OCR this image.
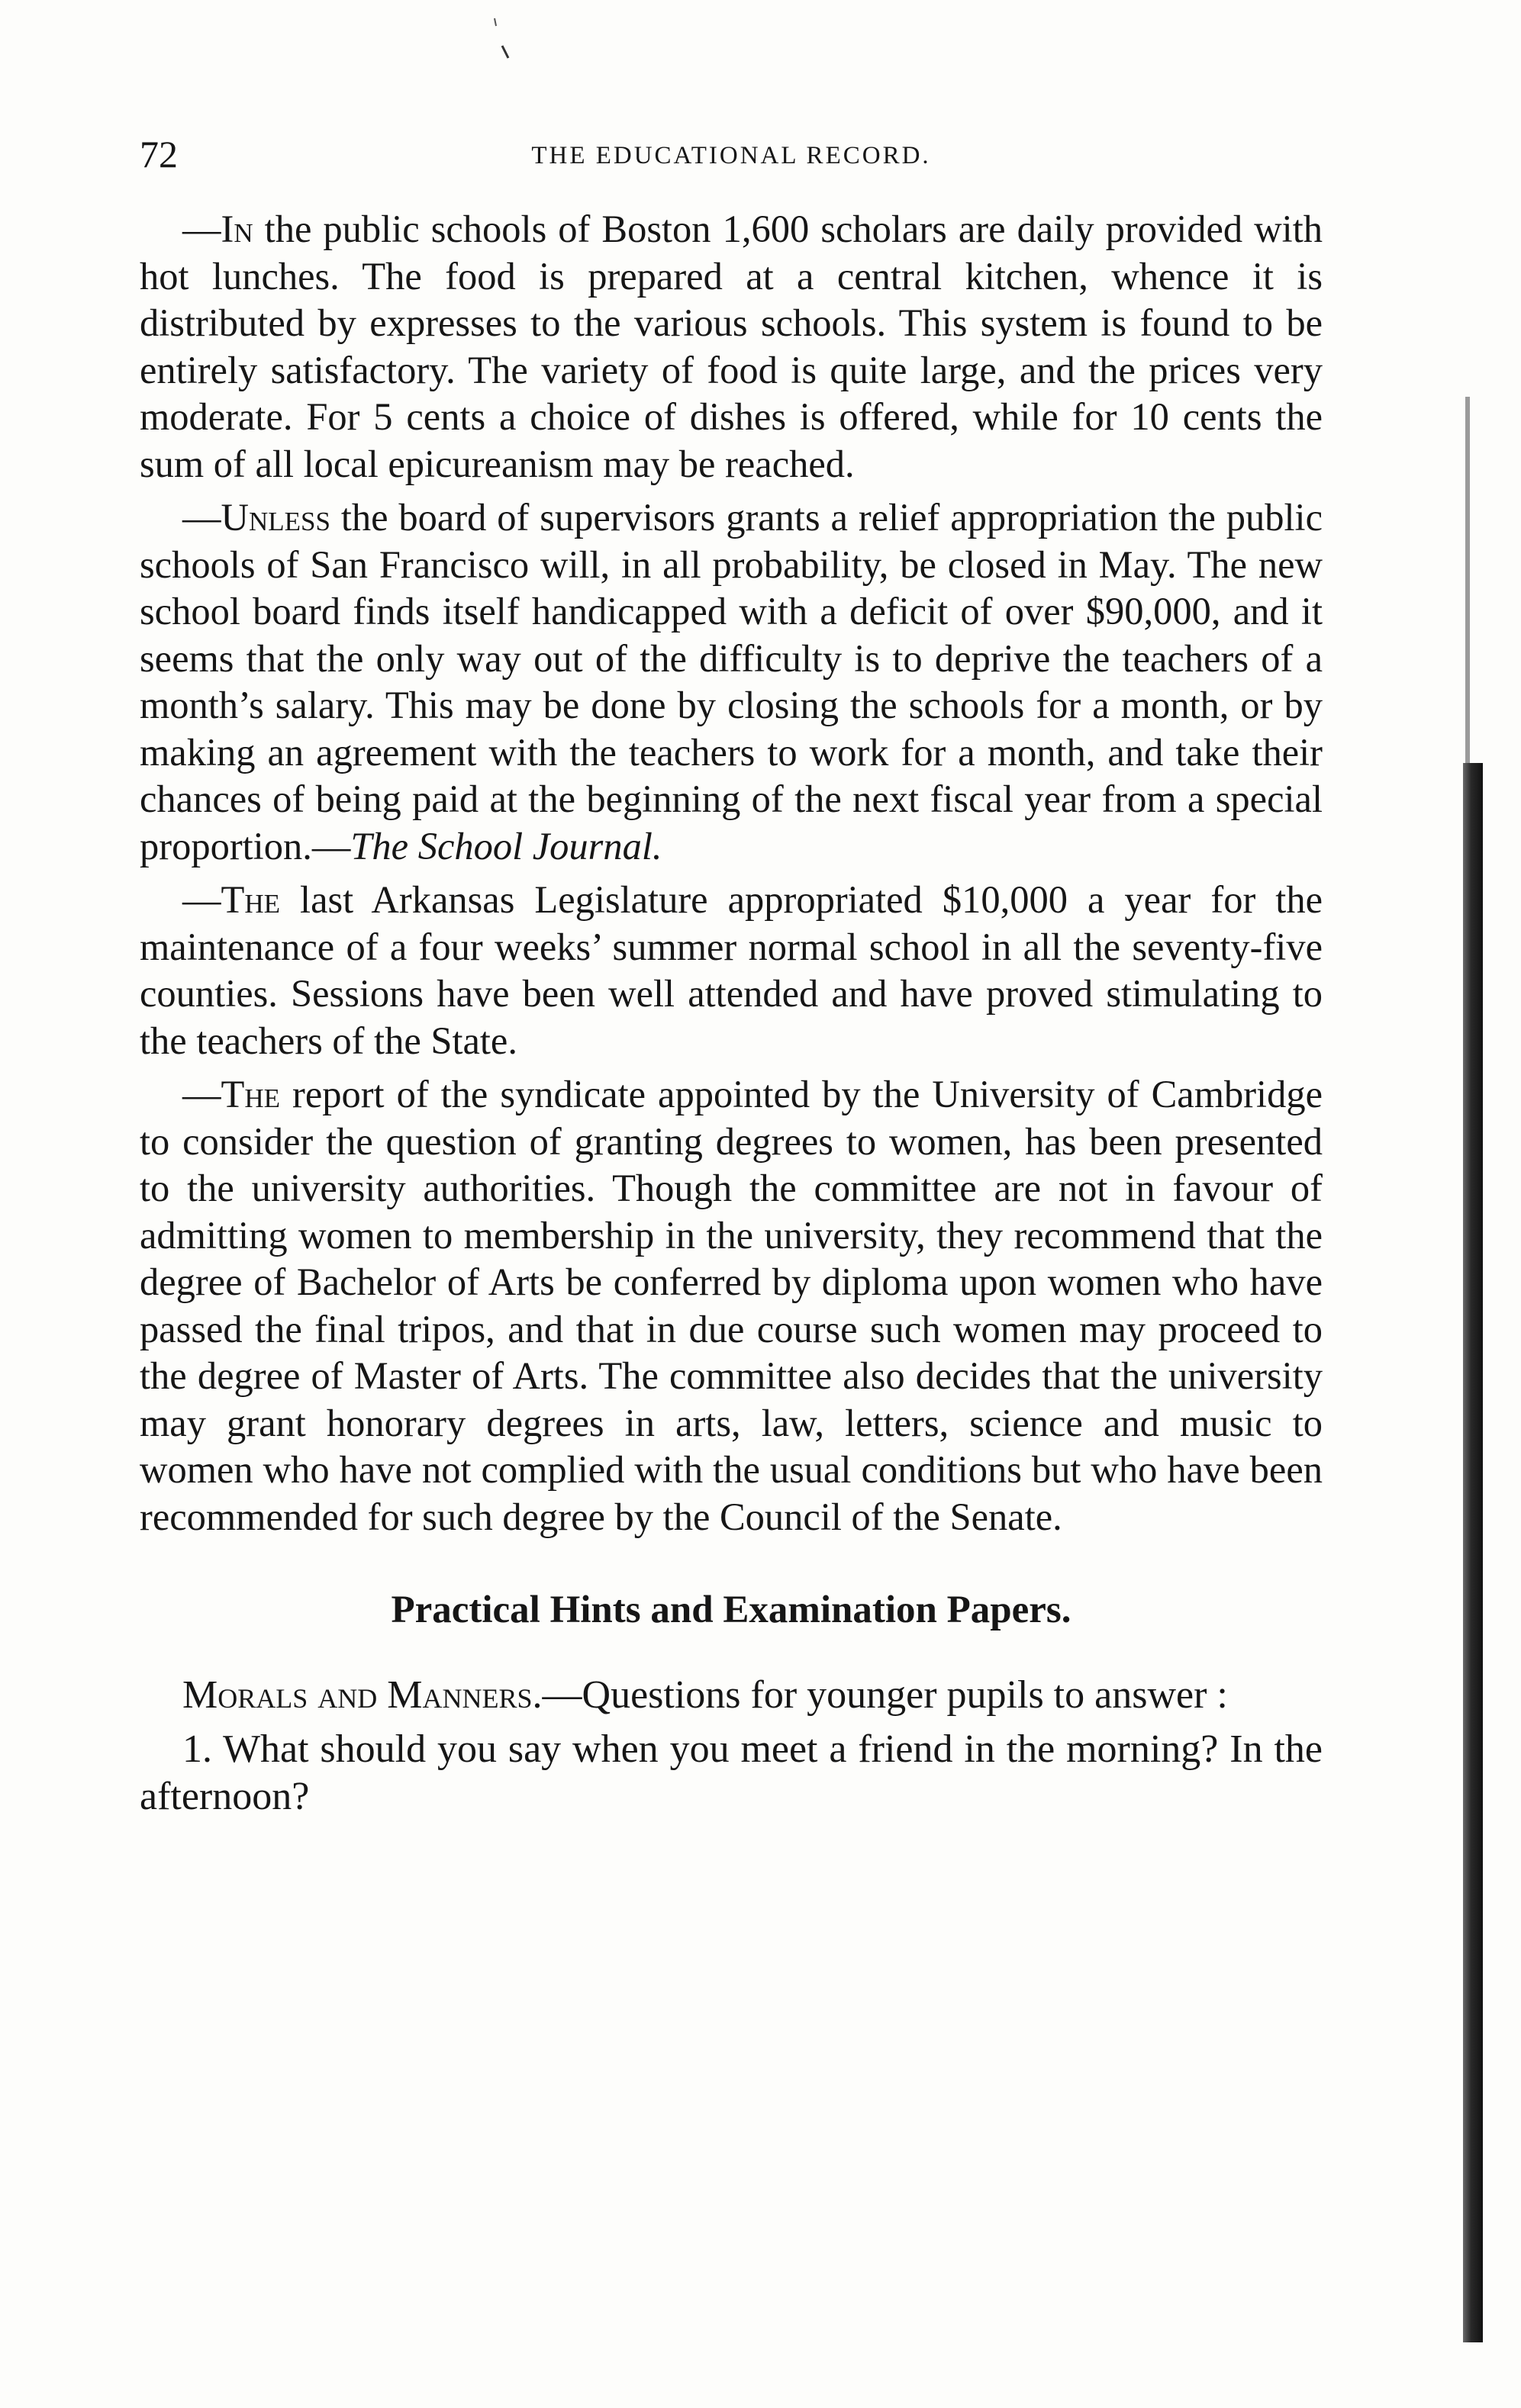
72	THE EDUCATIONAL RECORD.

—In the public schools of Boston 1,600 scholars are daily provided with hot lunches. The food is prepared at a central kitchen, whence it is distributed by expresses to the various schools. This system is found to be entirely satisfactory. The variety of food is quite large, and the prices very moderate. For 5 cents a choice of dishes is offered, while for 10 cents the sum of all local epicureanism may be reached.

—Unless the board of supervisors grants a relief appropriation the public schools of San Francisco will, in all probability, be closed in May. The new school board finds itself handicapped with a deficit of over $90,000, and it seems that the only way out of the difficulty is to deprive the teachers of a month’s salary. This may be done by closing the schools for a month, or by making an agreement with the teachers to work for a month, and take their chances of being paid at the beginning of the next fiscal year from a special proportion.—The School Journal.

—The last Arkansas Legislature appropriated $10,000 a year for the maintenance of a four weeks’ summer normal school in all the seventy-five counties. Sessions have been well attended and have proved stimulating to the teachers of the State.

—The report of the syndicate appointed by the University of Cambridge to consider the question of granting degrees to women, has been presented to the university authorities. Though the committee are not in favour of admitting women to membership in the university, they recommend that the degree of Bachelor of Arts be conferred by diploma upon women who have passed the final tripos, and that in due course such women may proceed to the degree of Master of Arts. The committee also decides that the university may grant honorary degrees in arts, law, letters, science and music to women who have not complied with the usual conditions but who have been recommended for such degree by the Council of the Senate.

Practical Hints and Examination Papers.

Morals and Manners.—Questions for younger pupils to answer :

1. What should you say when you meet a friend in the morning? In the afternoon?
